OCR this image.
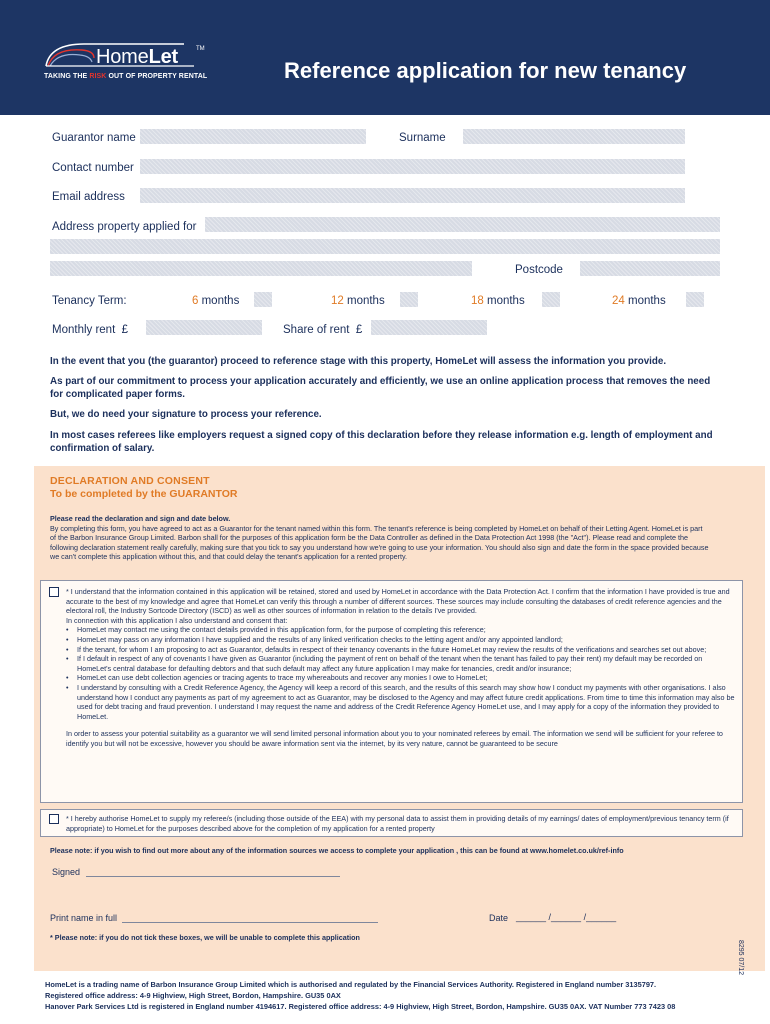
HomeLet	TM
TAKING THE RISK OUT OF PROPERTY RENTAL	Reference application for new tenancy
Guarantor name	Surname
Contact number
Email address
Address property applied for
Postcode
Tenancy Term:	6 months	12 months	18 months	24 months
Monthly rent £	Share of rent £
In the event that you (the guarantor) proceed to reference stage with this property, HomeLet will assess the information you provide.
As part of our commitment to process your application accurately and efficiently, we use an online application process that removes the need for complicated paper forms.
But, we do need your signature to process your reference.
In most cases referees like employers request a signed copy of this declaration before they release information e.g. length of employment and confirmation of salary.
DECLARATION AND CONSENT
To be completed by the GUARANTOR
Please read the declaration and sign and date below.
By completing this form, you have agreed to act as a Guarantor for the tenant named within this form. The tenant's reference is being completed by HomeLet on behalf of their Letting Agent. HomeLet is part of the Barbon Insurance Group Limited. Barbon shall for the purposes of this application form be the Data Controller as defined in the Data Protection Act 1998 (the "Act"). Please read and complete the following declaration statement really carefully, making sure that you tick to say you understand how we're going to use your information. You should also sign and date the form in the space provided because we can't complete this application without this, and that could delay the tenant's application for a rented property.
* I understand that the information contained in this application will be retained, stored and used by HomeLet in accordance with the Data Protection Act. I confirm that the information I have provided is true and accurate to the best of my knowledge and agree that HomeLet can verify this through a number of different sources. These sources may include consulting the databases of credit reference agencies and the electoral roll, the Industry Sortcode Directory (ISCD) as well as other sources of information in relation to the details I've provided.
In connection with this application I also understand and consent that:
• HomeLet may contact me using the contact details provided in this application form, for the purpose of completing this reference;
• HomeLet may pass on any information I have supplied and the results of any linked verification checks to the letting agent and/or any appointed landlord;
• If the tenant, for whom I am proposing to act as Guarantor, defaults in respect of their tenancy covenants in the future HomeLet may review the results of the verifications and searches set out above;
• If I default in respect of any of covenants I have given as Guarantor (including the payment of rent on behalf of the tenant when the tenant has failed to pay their rent) my default may be recorded on HomeLet's central database for defaulting debtors and that such default may affect any future application I may make for tenancies, credit and/or insurance;
• HomeLet can use debt collection agencies or tracing agents to trace my whereabouts and recover any monies I owe to HomeLet;
• I understand by consulting with a Credit Reference Agency, the Agency will keep a record of this search, and the results of this search may show how I conduct my payments with other organisations. I also understand how I conduct any payments as part of my agreement to act as Guarantor, may be disclosed to the Agency and may affect future credit applications. From time to time this information may also be used for debt tracing and fraud prevention. I understand I may request the name and address of the Credit Reference Agency HomeLet use, and I may apply for a copy of the information they provided to HomeLet.
In order to assess your potential suitability as a guarantor we will send limited personal information about you to your nominated referees by email. The information we send will be sufficient for your referee to identify you but will not be excessive, however you should be aware information sent via the internet, by its very nature, cannot be guaranteed to be secure
* I hereby authorise HomeLet to supply my referee/s (including those outside of the EEA) with my personal data to assist them in providing details of my earnings/ dates of employment/previous tenancy term (if appropriate) to HomeLet for the purposes described above for the completion of my application for a rented property
Please note: if you wish to find out more about any of the information sources we access to complete your application , this can be found at www.homelet.co.uk/ref-info
Signed
Print name in full	Date ______ /______ /______
* Please note: if you do not tick these boxes, we will be unable to complete this application
8295 07/12
HomeLet is a trading name of Barbon Insurance Group Limited which is authorised and regulated by the Financial Services Authority. Registered in England number 3135797.
Registered office address: 4-9 Highview, High Street, Bordon, Hampshire. GU35 0AX
Hanover Park Services Ltd is registered in England number 4194617. Registered office address: 4-9 Highview, High Street, Bordon, Hampshire. GU35 0AX. VAT Number 773 7423 08
